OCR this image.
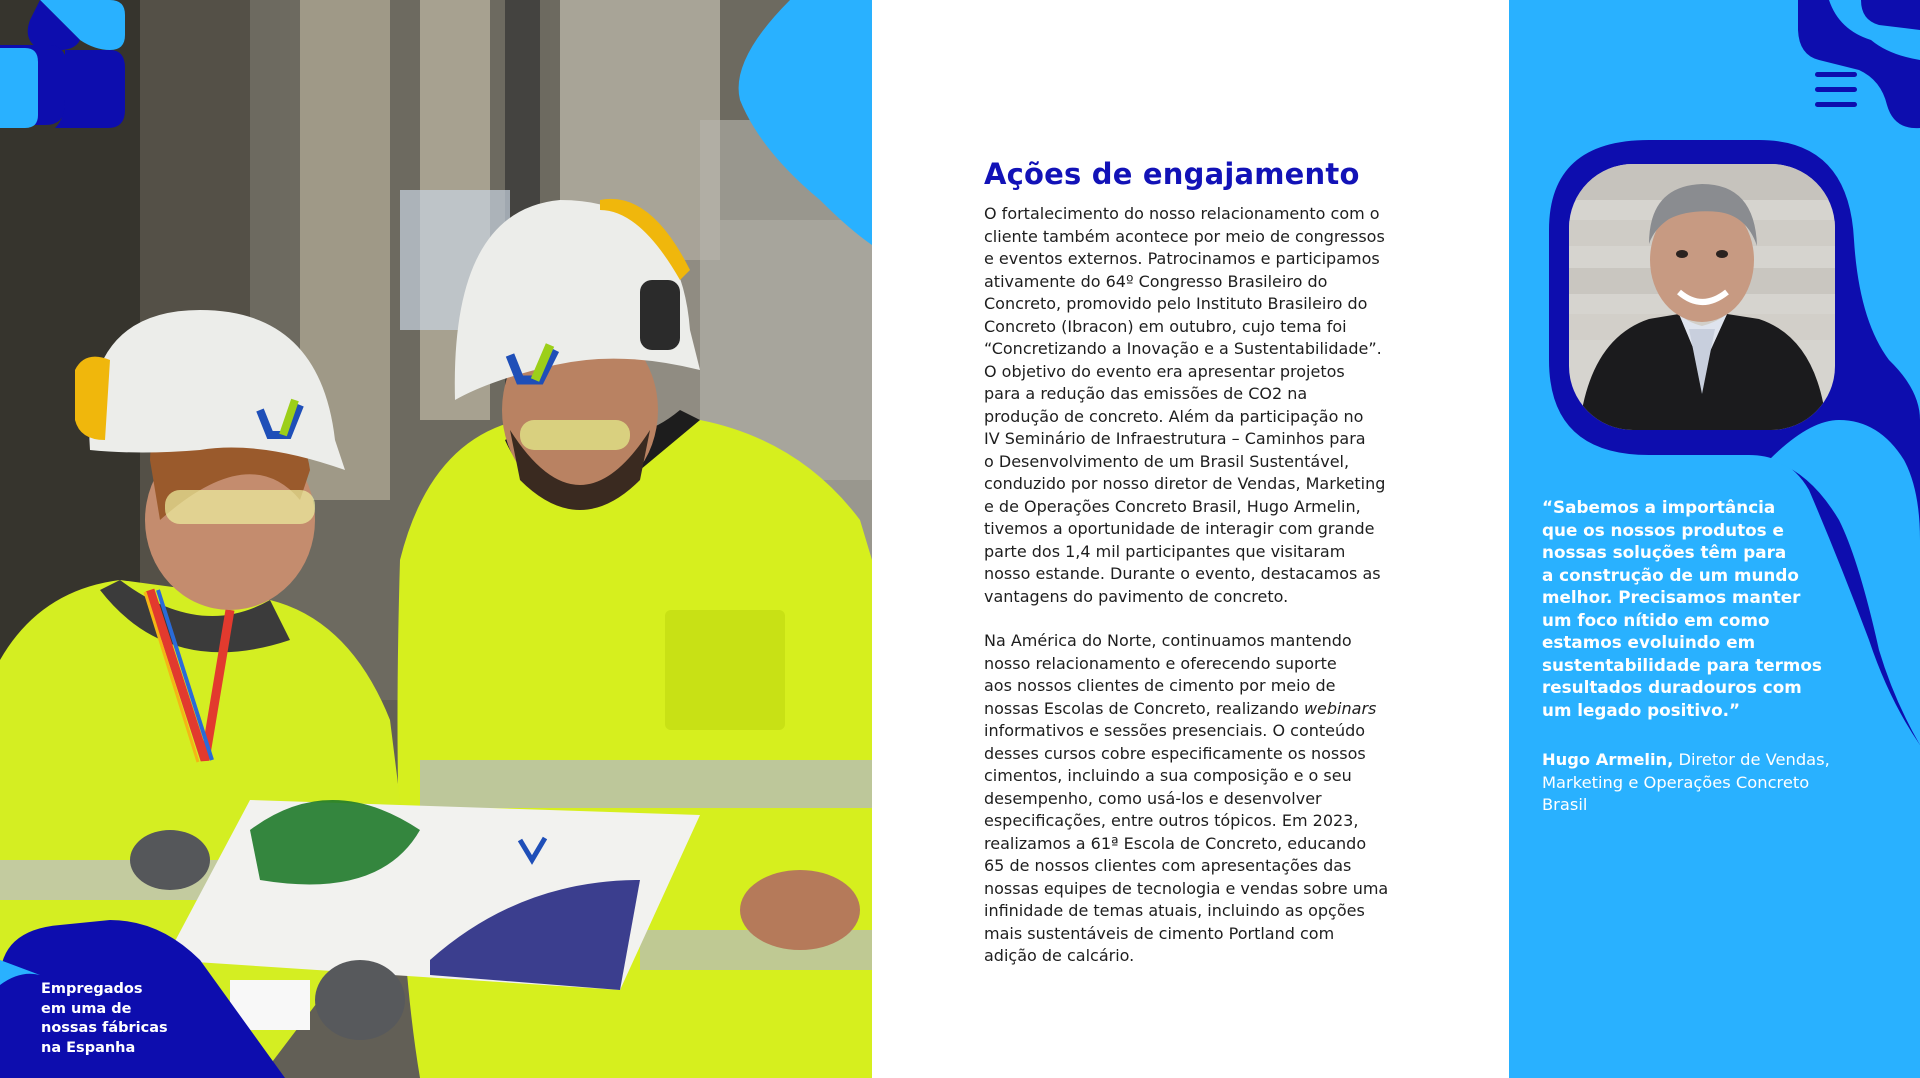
Empregados
em uma de
nossas fábricas
na Espanha
Ações de engajamento

O fortalecimento do nosso relacionamento com o
cliente também acontece por meio de congressos
e eventos externos. Patrocinamos e participamos
ativamente do 64º Congresso Brasileiro do
Concreto, promovido pelo Instituto Brasileiro do
Concreto (Ibracon) em outubro, cujo tema foi
“Concretizando a Inovação e a Sustentabilidade”.
O objetivo do evento era apresentar projetos
para a redução das emissões de CO2 na
produção de concreto. Além da participação no
IV Seminário de Infraestrutura – Caminhos para
o Desenvolvimento de um Brasil Sustentável,
conduzido por nosso diretor de Vendas, Marketing
e de Operações Concreto Brasil, Hugo Armelin,
tivemos a oportunidade de interagir com grande
parte dos 1,4 mil participantes que visitaram
nosso estande. Durante o evento, destacamos as
vantagens do pavimento de concreto.

Na América do Norte, continuamos mantendo
nosso relacionamento e oferecendo suporte
aos nossos clientes de cimento por meio de
nossas Escolas de Concreto, realizando webinars
informativos e sessões presenciais. O conteúdo
desses cursos cobre especificamente os nossos
cimentos, incluindo a sua composição e o seu
desempenho, como usá-los e desenvolver
especificações, entre outros tópicos. Em 2023,
realizamos a 61ª Escola de Concreto, educando
65 de nossos clientes com apresentações das
nossas equipes de tecnologia e vendas sobre uma
infinidade de temas atuais, incluindo as opções
mais sustentáveis de cimento Portland com
adição de calcário.

“Sabemos a importância
que os nossos produtos e
nossas soluções têm para
a construção de um mundo
melhor. Precisamos manter
um foco nítido em como
estamos evoluindo em
sustentabilidade para termos
resultados duradouros com
um legado positivo.”
Hugo Armelin, Diretor de Vendas,
Marketing e Operações Concreto
Brasil
